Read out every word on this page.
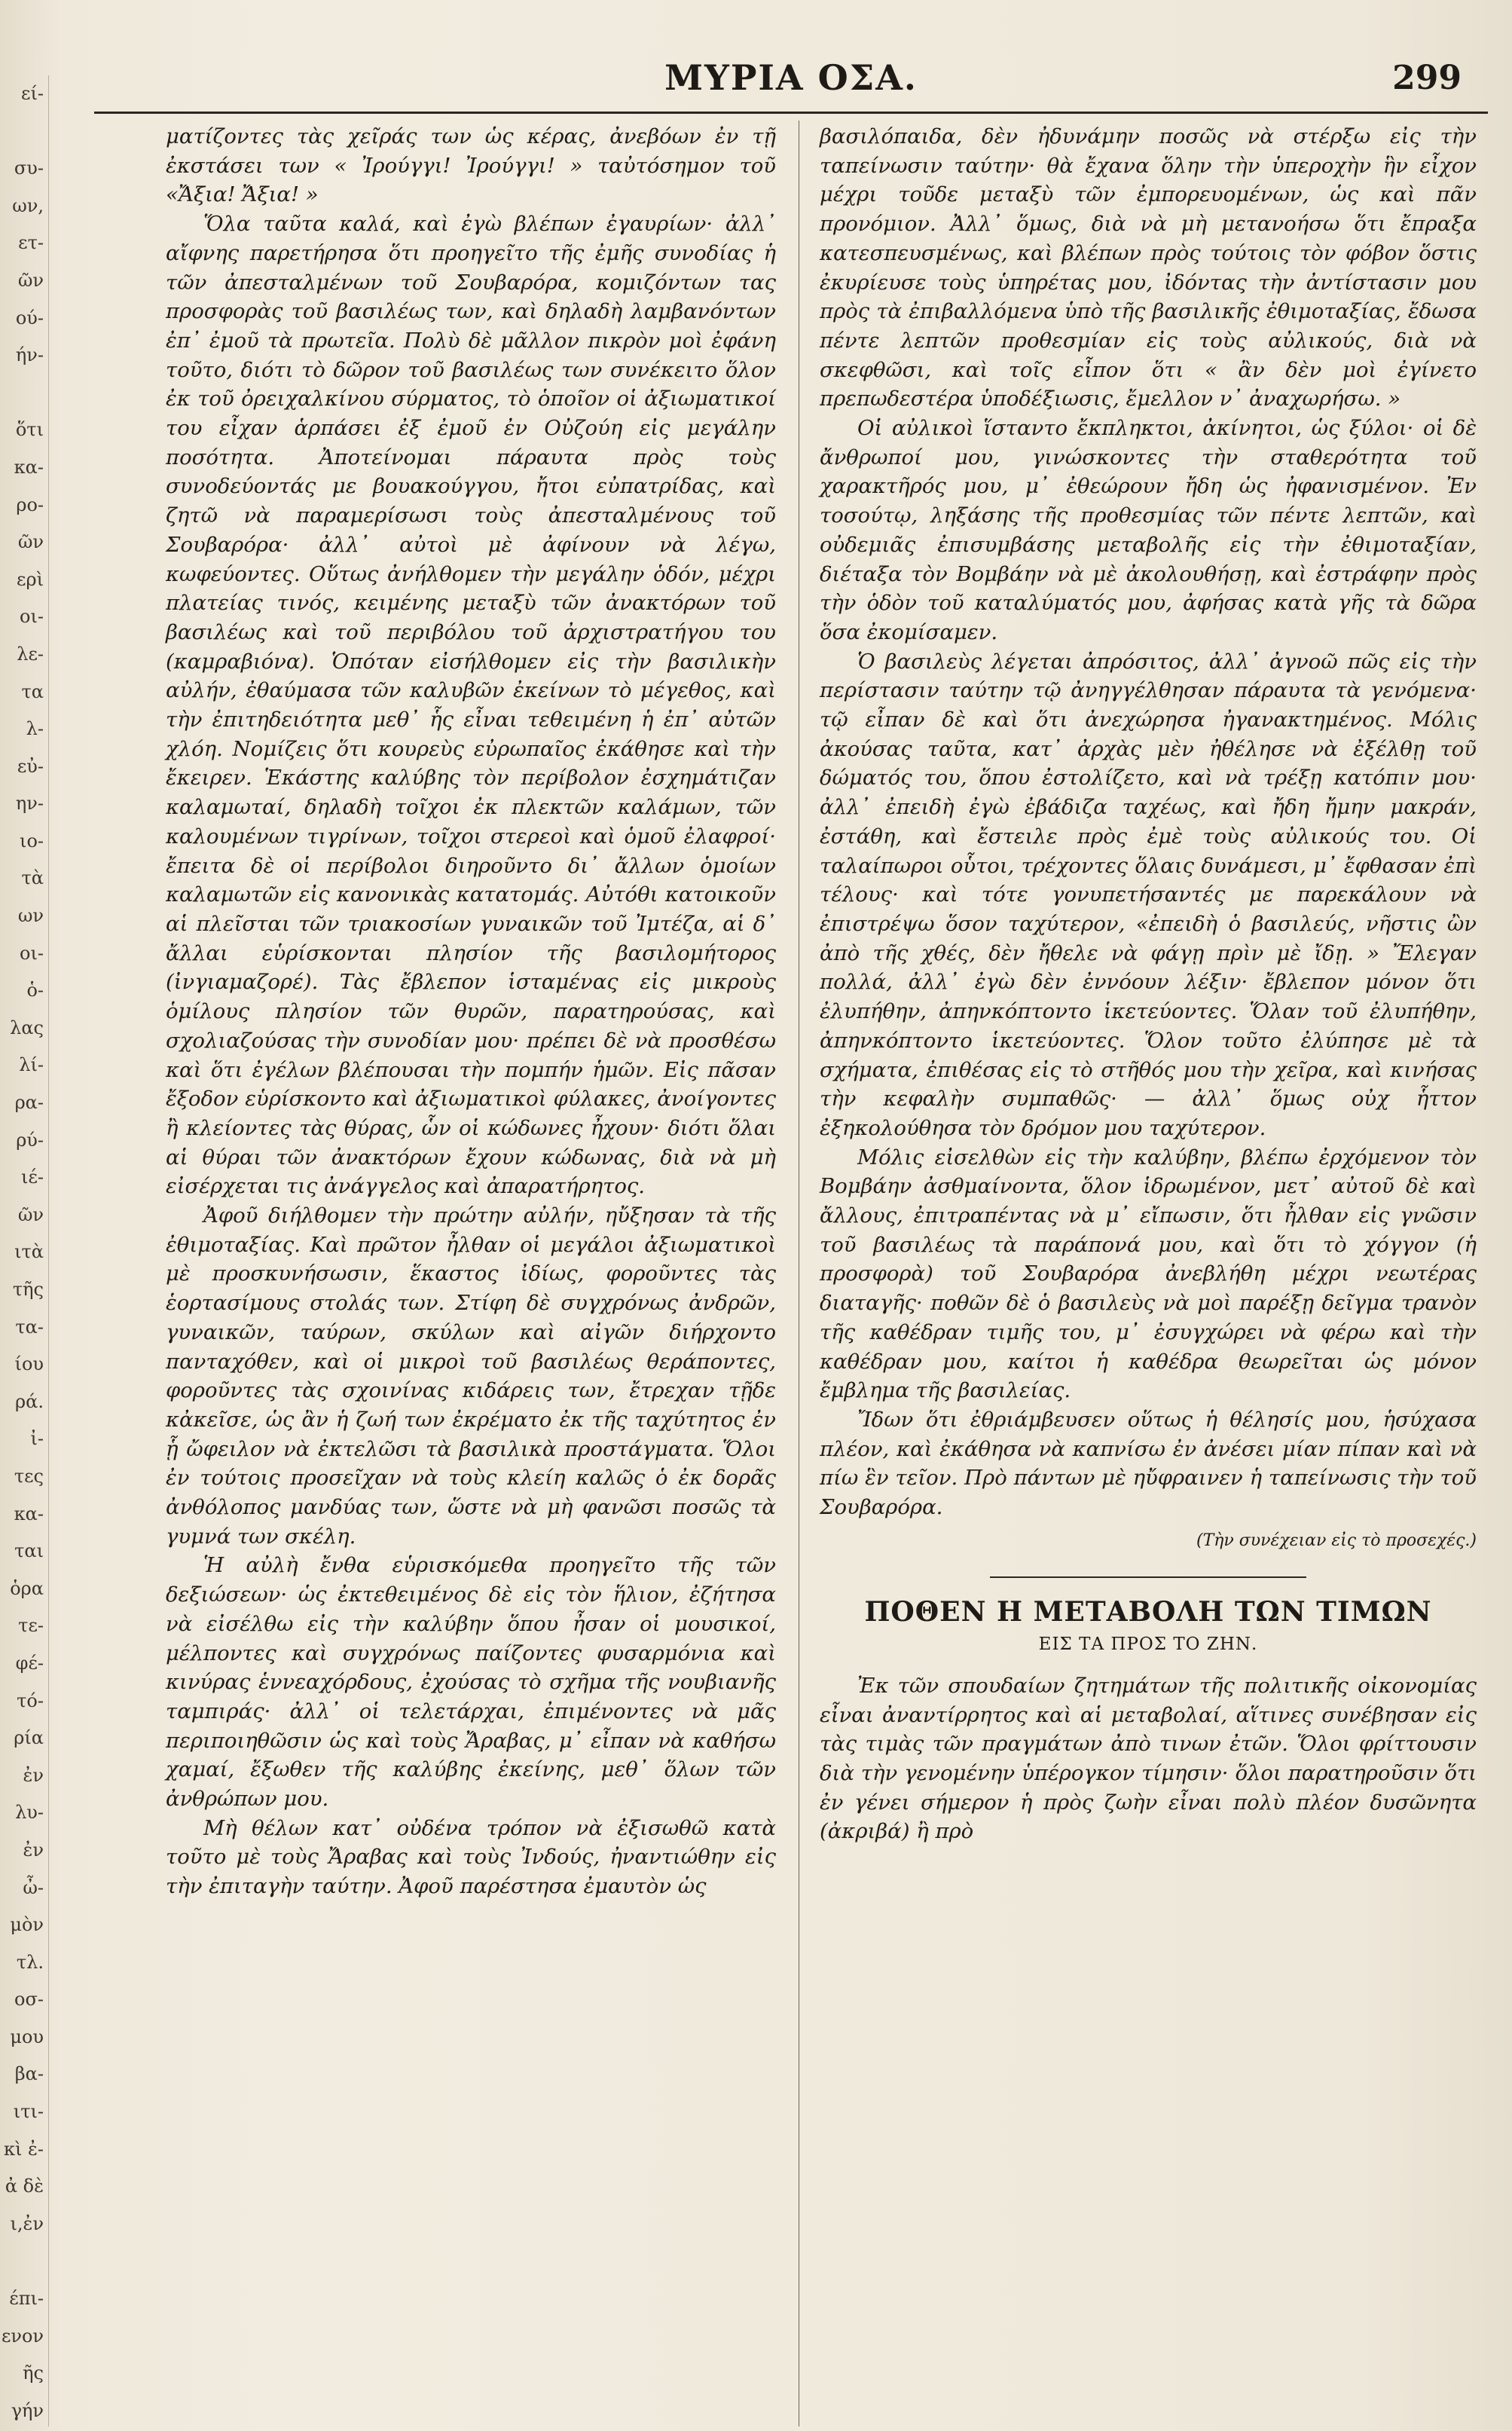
εί-

συ-
ων,
ετ-
ῶν
ού-
ήν-

ὅτι
κα-
ρο-
ῶν
ερὶ
οι-
λε-
τα
λ-
εὐ-
ην-
ιο-
τὰ
ων
οι-
ὁ-
λας
λί-
ρα-
ρύ-
ιέ-
ῶν
ιτὰ
τῆς
τα-
ίου
ρά.
ἰ-
τες
κα-
ται
ὁρα
τε-
φέ-
τό-
ρία
ἐν
λυ-
ἐν
ὦ-
μὸν
τλ.
οσ-
μου
βα-
ιτι-
κὶ ἐ-
ἀ δὲ
ι,ἐν

έπι-
ενον
ῆς
γήν
ΜΥΡΙΑ ΟΣΑ.	299

ματίζοντες τὰς χεῖράς των ὡς κέρας, ἀνεβόων ἐν τῇ ἐκστάσει των « Ἰρούγγι! Ἰρούγγι! » ταὐτόσημον τοῦ «Ἄξια! Ἄξια! »

Ὅλα ταῦτα καλά, καὶ ἐγὼ βλέπων ἐγαυρίων· ἀλλ᾽ αἴφνης παρετήρησα ὅτι προηγεῖτο τῆς ἐμῆς συνοδίας ἡ τῶν ἀπεσταλμένων τοῦ Σουβαρόρα, κομιζόντων τας προσφορὰς τοῦ βασιλέως των, καὶ δηλαδὴ λαμβανόντων ἐπ᾽ ἐμοῦ τὰ πρωτεῖα. Πολὺ δὲ μᾶλλον πικρὸν μοὶ ἐφάνη τοῦτο, διότι τὸ δῶρον τοῦ βασιλέως των συνέκειτο ὅλον ἐκ τοῦ ὀρειχαλκίνου σύρματος, τὸ ὁποῖον οἱ ἀξιωματικοί του εἶχαν ἁρπάσει ἐξ ἐμοῦ ἐν Οὐζούη εἰς μεγάλην ποσότητα. Ἀποτείνομαι πάραυτα πρὸς τοὺς συνοδεύοντάς με βουακούγγου, ἤτοι εὐπατρίδας, καὶ ζητῶ νὰ παραμερίσωσι τοὺς ἀπεσταλμένους τοῦ Σουβαρόρα· ἀλλ᾽ αὐτοὶ μὲ ἀφίνουν νὰ λέγω, κωφεύοντες. Οὕτως ἀνήλθομεν τὴν μεγάλην ὁδόν, μέχρι πλατείας τινός, κειμένης μεταξὺ τῶν ἀνακτόρων τοῦ βασιλέως καὶ τοῦ περιβόλου τοῦ ἀρχιστρατήγου του (καμραβιόνα). Ὁπόταν εἰσήλθομεν εἰς τὴν βασιλικὴν αὐλήν, ἐθαύμασα τῶν καλυβῶν ἐκείνων τὸ μέγεθος, καὶ τὴν ἐπιτηδειότητα μεθ᾽ ἧς εἶναι τεθειμένη ἡ ἐπ᾽ αὐτῶν χλόη. Νομίζεις ὅτι κουρεὺς εὐρωπαῖος ἐκάθησε καὶ τὴν ἔκειρεν. Ἑκάστης καλύβης τὸν περίβολον ἐσχημάτιζαν καλαμωταί, δηλαδὴ τοῖχοι ἐκ πλεκτῶν καλάμων, τῶν καλουμένων τιγρίνων, τοῖχοι στερεοὶ καὶ ὁμοῦ ἐλαφροί· ἔπειτα δὲ οἱ περίβολοι διηροῦντο δι᾽ ἄλλων ὁμοίων καλαμωτῶν εἰς κανονικὰς κατατομάς. Αὐτόθι κατοικοῦν αἱ πλεῖσται τῶν τριακοσίων γυναικῶν τοῦ Ἰμτέζα, αἱ δ᾽ ἄλλαι εὑρίσκονται πλησίον τῆς βασιλομήτορος (ἰνγιαμαζορέ). Τὰς ἔβλεπον ἱσταμένας εἰς μικροὺς ὁμίλους πλησίον τῶν θυρῶν, παρατηρούσας, καὶ σχολιαζούσας τὴν συνοδίαν μου· πρέπει δὲ νὰ προσθέσω καὶ ὅτι ἐγέλων βλέπουσαι τὴν πομπήν ἡμῶν. Εἰς πᾶσαν ἔξοδον εὑρίσκοντο καὶ ἀξιωματικοὶ φύλακες, ἀνοίγοντες ἢ κλείοντες τὰς θύρας, ὧν οἱ κώδωνες ἦχουν· διότι ὅλαι αἱ θύραι τῶν ἀνακτόρων ἔχουν κώδωνας, διὰ νὰ μὴ εἰσέρχεται τις ἀνάγγελος καὶ ἀπαρατήρητος.

Ἀφοῦ διήλθομεν τὴν πρώτην αὐλήν, ηὔξησαν τὰ τῆς ἐθιμοταξίας. Καὶ πρῶτον ἦλθαν οἱ μεγάλοι ἀξιωματικοὶ μὲ προσκυνήσωσιν, ἕκαστος ἰδίως, φοροῦντες τὰς ἑορτασίμους στολάς των. Στίφη δὲ συγχρόνως ἀνδρῶν, γυναικῶν, ταύρων, σκύλων καὶ αἰγῶν διήρχοντο πανταχόθεν, καὶ οἱ μικροὶ τοῦ βασιλέως θεράποντες, φοροῦντες τὰς σχοινίνας κιδάρεις των, ἔτρεχαν τῇδε κἀκεῖσε, ὡς ἂν ἡ ζωή των ἐκρέματο ἐκ τῆς ταχύτητος ἐν ᾗ ὤφειλον νὰ ἐκτελῶσι τὰ βασιλικὰ προστάγματα. Ὅλοι ἐν τούτοις προσεῖχαν νὰ τοὺς κλείη καλῶς ὁ ἐκ δορᾶς ἀνθόλοπος μανδύας των, ὥστε νὰ μὴ φανῶσι ποσῶς τὰ γυμνά των σκέλη.

Ἡ αὐλὴ ἔνθα εὑρισκόμεθα προηγεῖτο τῆς τῶν δεξιώσεων· ὡς ἐκτεθειμένος δὲ εἰς τὸν ἥλιον, ἐζήτησα νὰ εἰσέλθω εἰς τὴν καλύβην ὅπου ἦσαν οἱ μουσικοί, μέλποντες καὶ συγχρόνως παίζοντες φυσαρμόνια καὶ κινύρας ἑννεαχόρδους, ἐχούσας τὸ σχῆμα τῆς νουβιανῆς ταμπιράς· ἀλλ᾽ οἱ τελετάρχαι, ἐπιμένοντες νὰ μᾶς περιποιηθῶσιν ὡς καὶ τοὺς Ἄραβας, μ᾽ εἶπαν νὰ καθήσω χαμαί, ἔξωθεν τῆς καλύβης ἐκείνης, μεθ᾽ ὅλων τῶν ἀνθρώπων μου.

Μὴ θέλων κατ᾽ οὐδένα τρόπον νὰ ἐξισωθῶ κατὰ τοῦτο μὲ τοὺς Ἄραβας καὶ τοὺς Ἰνδούς, ἠναντιώθην εἰς τὴν ἐπιταγὴν ταύτην. Ἀφοῦ παρέστησα ἐμαυτὸν ὡς

βασιλόπαιδα, δὲν ἠδυνάμην ποσῶς νὰ στέρξω εἰς τὴν ταπείνωσιν ταύτην· θὰ ἔχανα ὅλην τὴν ὑπεροχὴν ἣν εἶχον μέχρι τοῦδε μεταξὺ τῶν ἐμπορευομένων, ὡς καὶ πᾶν προνόμιον. Ἀλλ᾽ ὅμως, διὰ νὰ μὴ μετανοήσω ὅτι ἔπραξα κατεσπευσμένως, καὶ βλέπων πρὸς τούτοις τὸν φόβον ὅστις ἐκυρίευσε τοὺς ὑπηρέτας μου, ἰδόντας τὴν ἀντίστασιν μου πρὸς τὰ ἐπιβαλλόμενα ὑπὸ τῆς βασιλικῆς ἐθιμοταξίας, ἔδωσα πέντε λεπτῶν προθεσμίαν εἰς τοὺς αὐλικούς, διὰ νὰ σκεφθῶσι, καὶ τοῖς εἶπον ὅτι « ἂν δὲν μοὶ ἐγίνετο πρεπωδεστέρα ὑποδέξιωσις, ἔμελλον ν᾽ ἀναχωρήσω. »

Οἱ αὐλικοὶ ἵσταντο ἔκπληκτοι, ἀκίνητοι, ὡς ξύλοι· οἱ δὲ ἄνθρωποί μου, γινώσκοντες τὴν σταθερότητα τοῦ χαρακτῆρός μου, μ᾽ ἐθεώρουν ἤδη ὡς ἠφανισμένον. Ἐν τοσούτῳ, ληξάσης τῆς προθεσμίας τῶν πέντε λεπτῶν, καὶ οὐδεμιᾶς ἐπισυμβάσης μεταβολῆς εἰς τὴν ἐθιμοταξίαν, διέταξα τὸν Βομβάην νὰ μὲ ἀκολουθήσῃ, καὶ ἐστράφην πρὸς τὴν ὁδὸν τοῦ καταλύματός μου, ἀφήσας κατὰ γῆς τὰ δῶρα ὅσα ἐκομίσαμεν.

Ὁ βασιλεὺς λέγεται ἀπρόσιτος, ἀλλ᾽ ἀγνοῶ πῶς εἰς τὴν περίστασιν ταύτην τῷ ἀνηγγέλθησαν πάραυτα τὰ γενόμενα· τῷ εἶπαν δὲ καὶ ὅτι ἀνεχώρησα ἠγανακτημένος. Μόλις ἀκούσας ταῦτα, κατ᾽ ἀρχὰς μὲν ἠθέλησε νὰ ἐξέλθῃ τοῦ δώματός του, ὅπου ἐστολίζετο, καὶ νὰ τρέξῃ κατόπιν μου· ἀλλ᾽ ἐπειδὴ ἐγὼ ἐβάδιζα ταχέως, καὶ ἤδη ἤμην μακράν, ἐστάθη, καὶ ἔστειλε πρὸς ἐμὲ τοὺς αὐλικούς του. Οἱ ταλαίπωροι οὗτοι, τρέχοντες ὅλαις δυνάμεσι, μ᾽ ἔφθασαν ἐπὶ τέλους· καὶ τότε γονυπετήσαντές με παρεκάλουν νὰ ἐπιστρέψω ὅσον ταχύτερον, «ἐπειδὴ ὁ βασιλεύς, νῆστις ὢν ἀπὸ τῆς χθές, δὲν ἤθελε νὰ φάγῃ πρὶν μὲ ἴδῃ. » Ἔλεγαν πολλά, ἀλλ᾽ ἐγὼ δὲν ἐννόουν λέξιν· ἔβλεπον μόνον ὅτι ἐλυπήθην, ἀπηνκόπτοντο ἱκετεύοντες. Ὅλαν τοῦ ἐλυπήθην, ἀπηνκόπτοντο ἱκετεύοντες. Ὅλον τοῦτο ἐλύπησε μὲ τὰ σχήματα, ἐπιθέσας εἰς τὸ στῆθός μου τὴν χεῖρα, καὶ κινήσας τὴν κεφαλὴν συμπαθῶς· — ἀλλ᾽ ὅμως οὐχ ἧττον ἐξηκολούθησα τὸν δρόμον μου ταχύτερον.

Μόλις εἰσελθὼν εἰς τὴν καλύβην, βλέπω ἐρχόμενον τὸν Βομβάην ἀσθμαίνοντα, ὅλον ἱδρωμένον, μετ᾽ αὐτοῦ δὲ καὶ ἄλλους, ἐπιτραπέντας νὰ μ᾽ εἴπωσιν, ὅτι ἦλθαν εἰς γνῶσιν τοῦ βασιλέως τὰ παράπονά μου, καὶ ὅτι τὸ χόγγον (ἡ προσφορὰ) τοῦ Σουβαρόρα ἀνεβλήθη μέχρι νεωτέρας διαταγῆς· ποθῶν δὲ ὁ βασιλεὺς νὰ μοὶ παρέξῃ δεῖγμα τρανὸν τῆς καθέδραν τιμῆς του, μ᾽ ἐσυγχώρει νὰ φέρω καὶ τὴν καθέδραν μου, καίτοι ἡ καθέδρα θεωρεῖται ὡς μόνον ἔμβλημα τῆς βασιλείας.

Ἴδων ὅτι ἐθριάμβευσεν οὕτως ἡ θέλησίς μου, ἡσύχασα πλέον, καὶ ἐκάθησα νὰ καπνίσω ἐν ἀνέσει μίαν πίπαν καὶ νὰ πίω ἓν τεῖον. Πρὸ πάντων μὲ ηὔφραινεν ἡ ταπείνωσις τὴν τοῦ Σουβαρόρα.

(Τὴν συνέχειαν εἰς τὸ προσεχές.)
ΠΟΘΕΝ Η ΜΕΤΑΒΟΛΗ ΤΩΝ ΤΙΜΩΝ
ΕΙΣ ΤΑ ΠΡΟΣ ΤΟ ΖΗΝ.

Ἐκ τῶν σπουδαίων ζητημάτων τῆς πολιτικῆς οἰκονομίας εἶναι ἀναντίρρητος καὶ αἱ μεταβολαί, αἵτινες συνέβησαν εἰς τὰς τιμὰς τῶν πραγμάτων ἀπὸ τινων ἐτῶν. Ὅλοι φρίττουσιν διὰ τὴν γενομένην ὑπέρογκον τίμησιν· ὅλοι παρατηροῦσιν ὅτι ἐν γένει σήμερον ἡ πρὸς ζωὴν εἶναι πολὺ πλέον δυσῶνητα (ἀκριβά) ἢ πρὸ
